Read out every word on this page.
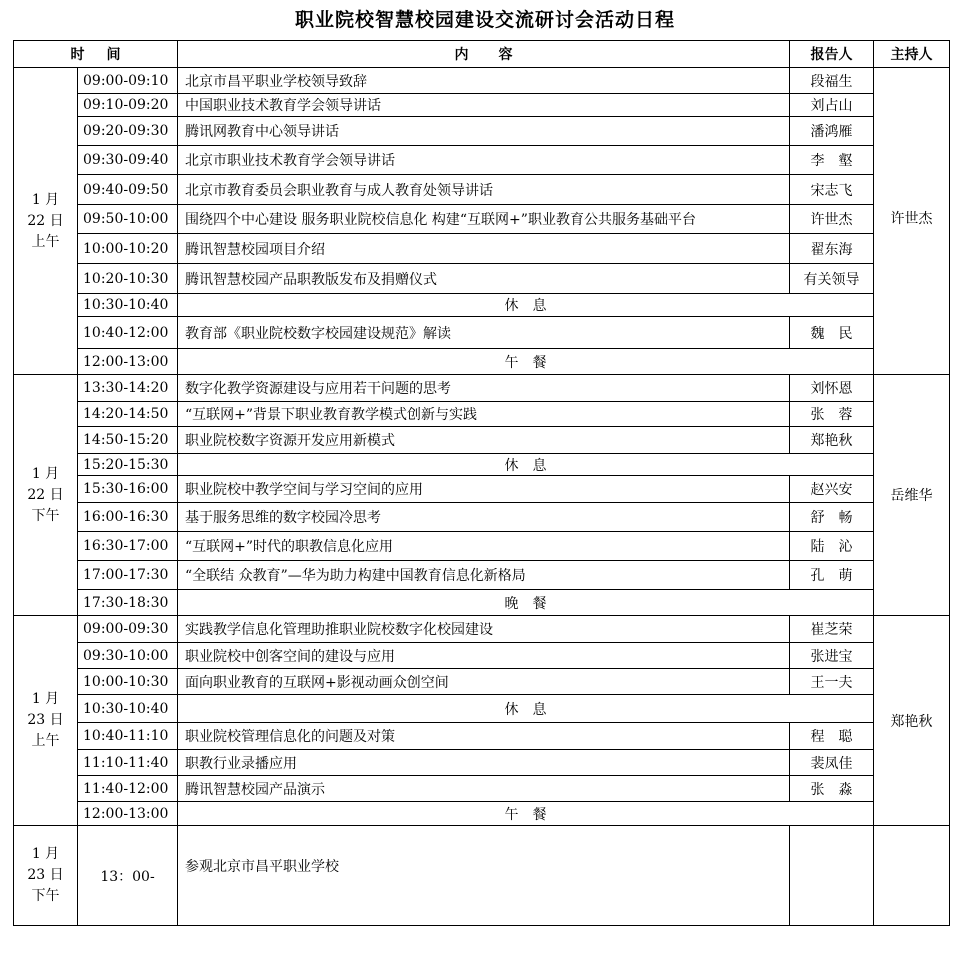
职业院校智慧校园建设交流研讨会活动日程
时 间		内 容	报告人	主持人

1 月
22 日
上午	09:00-09:10	北京市昌平职业学校领导致辞	段福生	许世杰
	09:10-09:20	中国职业技术教育学会领导讲话	刘占山	
	09:20-09:30	腾讯网教育中心领导讲话	潘鸿雁	
	09:30-09:40	北京市职业技术教育学会领导讲话	李　壑	
	09:40-09:50	北京市教育委员会职业教育与成人教育处领导讲话	宋志飞	
	09:50-10:00	围绕四个中心建设 服务职业院校信息化 构建“互联网+”职业教育公共服务基础平台	许世杰	
	10:00-10:20	腾讯智慧校园项目介绍	翟东海	
	10:20-10:30	腾讯智慧校园产品职教版发布及捐赠仪式	有关领导	
	10:30-10:40	休　息		
	10:40-12:00	教育部《职业院校数字校园建设规范》解读	魏　民	
	12:00-13:00	午　餐		

1 月
22 日
下午	13:30-14:20	数字化教学资源建设与应用若干问题的思考	刘怀恩	岳维华
	14:20-14:50	“互联网+”背景下职业教育教学模式创新与实践	张　蓉	
	14:50-15:20	职业院校数字资源开发应用新模式	郑艳秋	
	15:20-15:30	休　息		
	15:30-16:00	职业院校中教学空间与学习空间的应用	赵兴安	
	16:00-16:30	基于服务思维的数字校园冷思考	舒　畅	
	16:30-17:00	“互联网+”时代的职教信息化应用	陆　沁	
	17:00-17:30	“全联结 众教育”—华为助力构建中国教育信息化新格局	孔　萌	
	17:30-18:30	晚　餐		

1 月
23 日
上午	09:00-09:30	实践教学信息化管理助推职业院校数字化校园建设	崔芝荣	郑艳秋
	09:30-10:00	职业院校中创客空间的建设与应用	张进宝	
	10:00-10:30	面向职业教育的互联网+影视动画众创空间	王一夫	
	10:30-10:40	休　息		
	10:40-11:10	职业院校管理信息化的问题及对策	程　聪	
	11:10-11:40	职教行业录播应用	裴凤佳	
	11:40-12:00	腾讯智慧校园产品演示	张　淼	
	12:00-13:00	午　餐		

1 月
23 日
下午	13：00-	参观北京市昌平职业学校		
